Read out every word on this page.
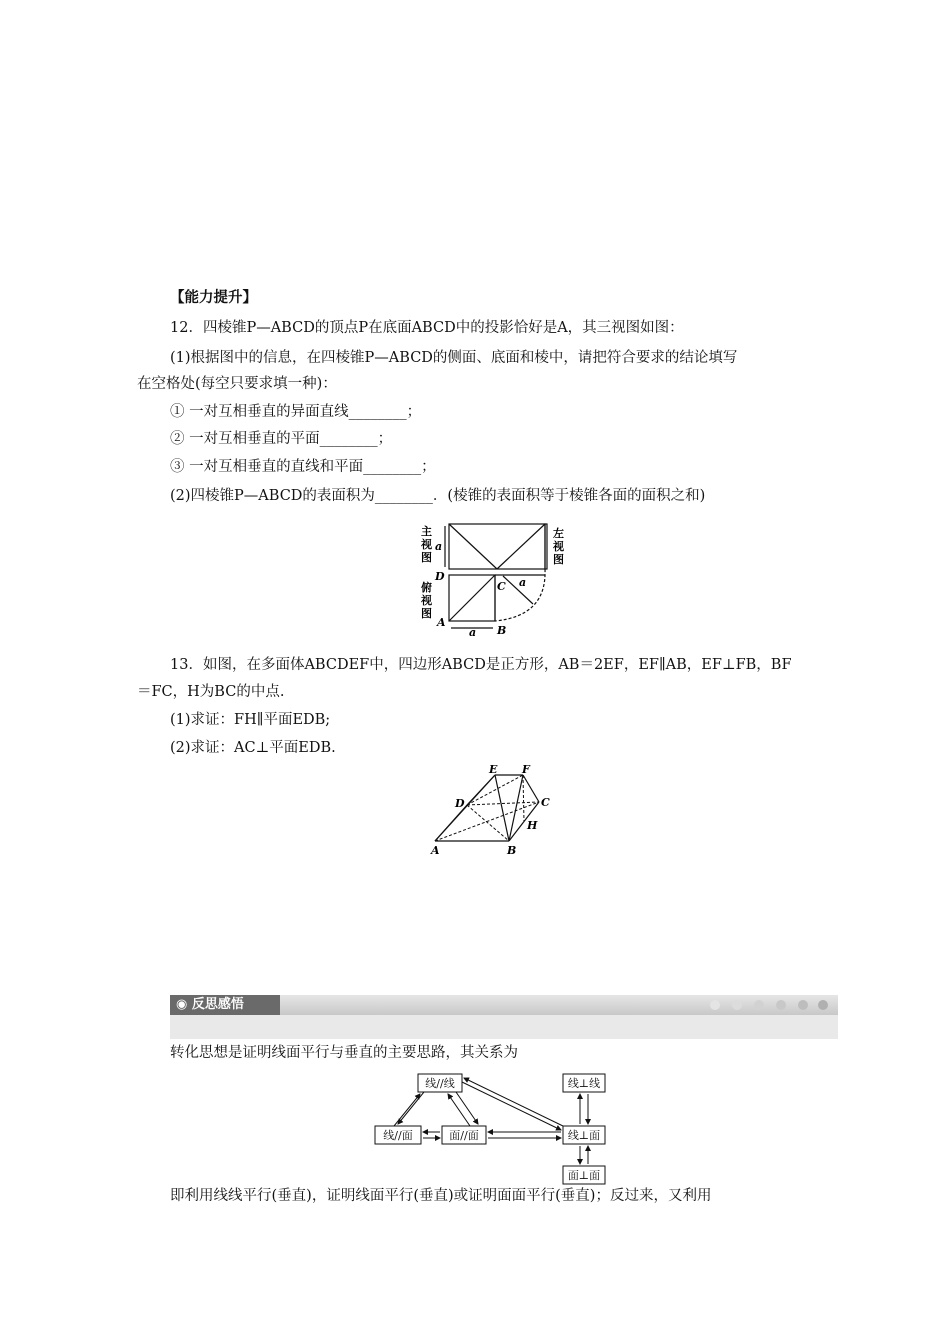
【能力提升】
12．四棱锥P—ABCD的顶点P在底面ABCD中的投影恰好是A，其三视图如图：
(1)根据图中的信息，在四棱锥P—ABCD的侧面、底面和棱中，请把符合要求的结论填写
在空格处(每空只要求填一种)：
① 一对互相垂直的异面直线________；
② 一对互相垂直的平面________；
③ 一对互相垂直的直线和平面________；
(2)四棱锥P—ABCD的表面积为________．(棱锥的表面积等于棱锥各面的面积之和)
主
视
图
a
左
视
图
D
俯
视
图
C a
A
a B
13．如图，在多面体ABCDEF中，四边形ABCD是正方形，AB＝2EF，EF∥AB，EF⊥FB，BF
＝FC，H为BC的中点.
(1)求证：FH∥平面EDB;
(2)求证：AC⊥平面EDB.
E F
D	C
H
A	B
◉ 反思感悟
转化思想是证明线面平行与垂直的主要思路，其关系为
线//线	线⊥线
线//面	面//面	线⊥面
面⊥面
即利用线线平行(垂直)，证明线面平行(垂直)或证明面面平行(垂直)；反过来，又利用
